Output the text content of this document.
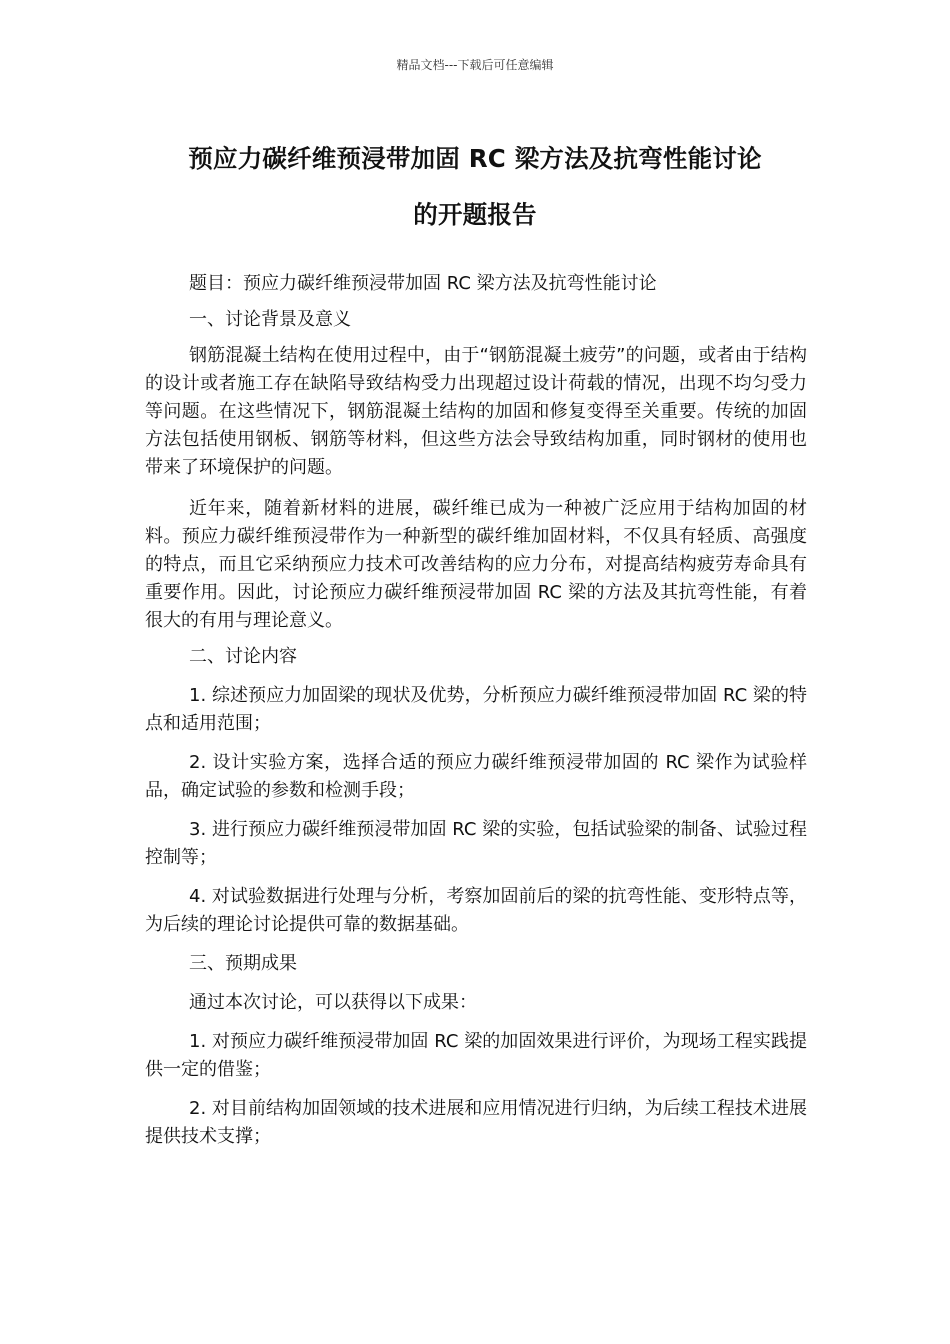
精品文档---下载后可任意编辑
预应力碳纤维预浸带加固 RC 梁方法及抗弯性能讨论
的开题报告

题目：预应力碳纤维预浸带加固 RC 梁方法及抗弯性能讨论

一、讨论背景及意义

钢筋混凝土结构在使用过程中，由于“钢筋混凝土疲劳”的问题，或者由于结构的设计或者施工存在缺陷导致结构受力出现超过设计荷载的情况，出现不均匀受力等问题。在这些情况下，钢筋混凝土结构的加固和修复变得至关重要。传统的加固方法包括使用钢板、钢筋等材料，但这些方法会导致结构加重，同时钢材的使用也带来了环境保护的问题。

近年来，随着新材料的进展，碳纤维已成为一种被广泛应用于结构加固的材料。预应力碳纤维预浸带作为一种新型的碳纤维加固材料，不仅具有轻质、高强度的特点，而且它采纳预应力技术可改善结构的应力分布，对提高结构疲劳寿命具有重要作用。因此，讨论预应力碳纤维预浸带加固 RC 梁的方法及其抗弯性能，有着很大的有用与理论意义。

二、讨论内容

1. 综述预应力加固梁的现状及优势，分析预应力碳纤维预浸带加固 RC 梁的特点和适用范围；

2. 设计实验方案，选择合适的预应力碳纤维预浸带加固的 RC 梁作为试验样品，确定试验的参数和检测手段；

3. 进行预应力碳纤维预浸带加固 RC 梁的实验，包括试验梁的制备、试验过程控制等；

4. 对试验数据进行处理与分析，考察加固前后的梁的抗弯性能、变形特点等，为后续的理论讨论提供可靠的数据基础。

三、预期成果

通过本次讨论，可以获得以下成果：

1. 对预应力碳纤维预浸带加固 RC 梁的加固效果进行评价，为现场工程实践提供一定的借鉴；

2. 对目前结构加固领域的技术进展和应用情况进行归纳，为后续工程技术进展提供技术支撑；
